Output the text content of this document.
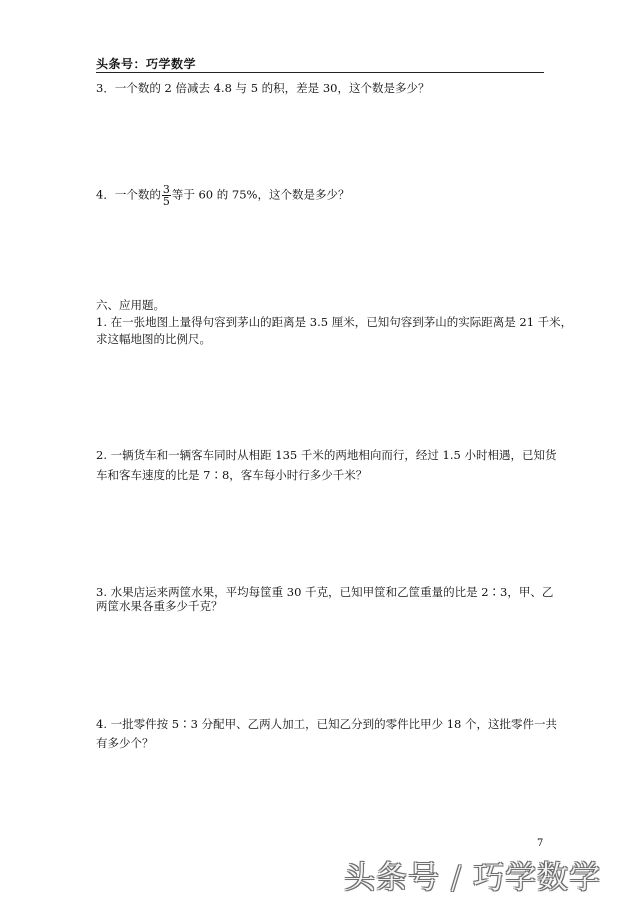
头条号：巧学数学
3．一个数的 2 倍减去 4.8 与 5 的积，差是 30，这个数是多少？
4．一个数的 $\frac{3}{5}$ 等于 60 的 75%，这个数是多少？
六、应用题。
1. 在一张地图上量得句容到茅山的距离是 3.5 厘米，已知句容到茅山的实际距离是 21 千米，
求这幅地图的比例尺。
2. 一辆货车和一辆客车同时从相距 135 千米的两地相向而行，经过 1.5 小时相遇，已知货
车和客车速度的比是 7∶8，客车每小时行多少千米？
3. 水果店运来两筐水果，平均每筐重 30 千克，已知甲筐和乙筐重量的比是 2∶3，甲、乙
两筐水果各重多少千克？
4. 一批零件按 5∶3 分配甲、乙两人加工，已知乙分到的零件比甲少 18 个，这批零件一共
有多少个？
7
头条号 / 巧学数学
